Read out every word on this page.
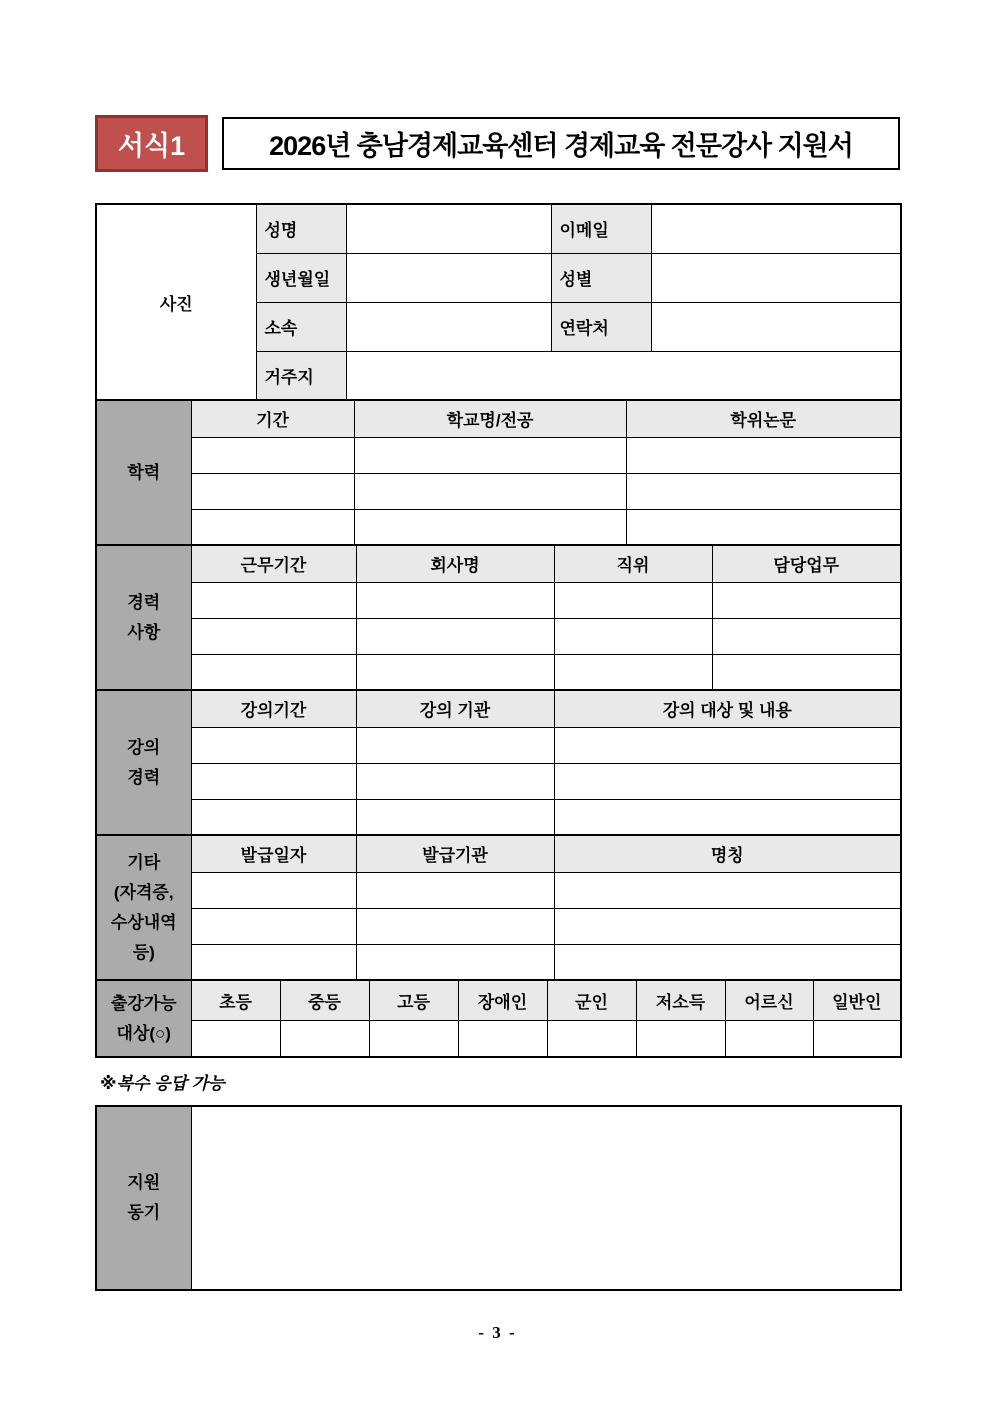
서식1	2026년 충남경제교육센터 경제교육 전문강사 지원서
사진	성명		이메일	
	생년월일		성별	
	소속		연락처	
	거주지			
학력	기간	학교명/전공	학위논문

경력
사항	근무기간	회사명	직위	담당업무

강의
경력	강의기간	강의 기관	강의 대상 및 내용

기타
(자격증,
수상내역
등)	발급일자	발급기관	명칭

출강가능
대상(○)	초등	중등	고등	장애인	군인	저소득	어르신	일반인

※복수 응답 가능
지원
동기

- 3 -
